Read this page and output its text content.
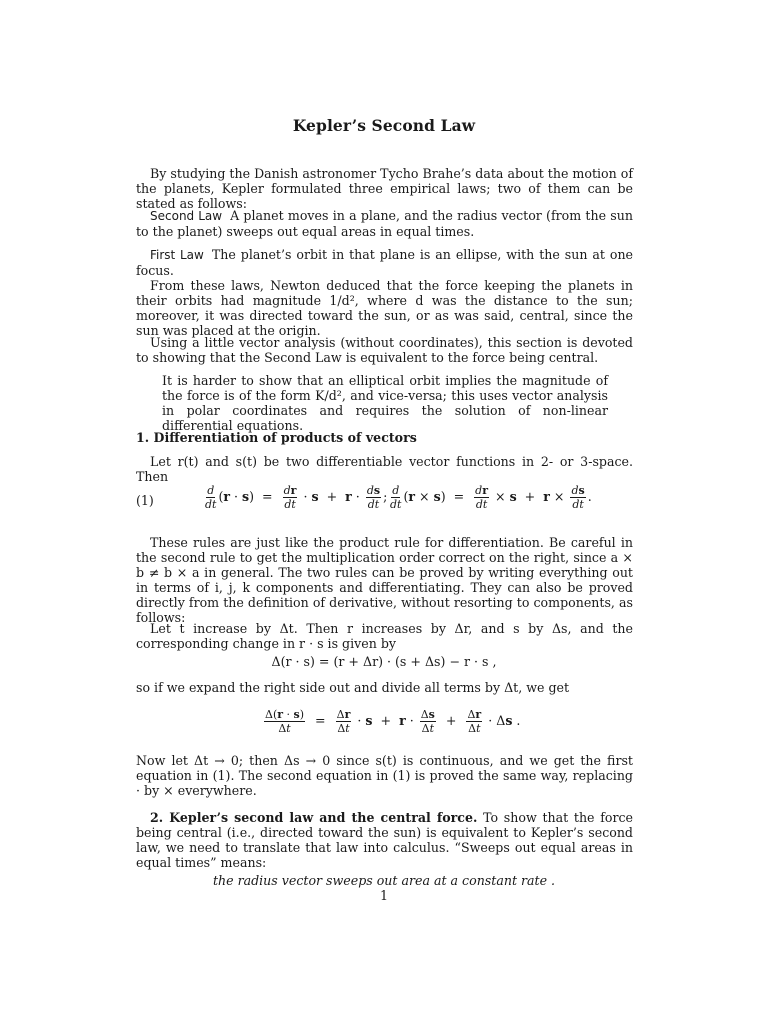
Kepler’s Second Law
By studying the Danish astronomer Tycho Brahe’s data about the motion of the planets, Kepler formulated three empirical laws; two of them can be stated as follows:
Second Law A planet moves in a plane, and the radius vector (from the sun to the planet) sweeps out equal areas in equal times.
First Law The planet’s orbit in that plane is an ellipse, with the sun at one focus.
From these laws, Newton deduced that the force keeping the planets in their orbits had magnitude 1/d², where d was the distance to the sun; moreover, it was directed toward the sun, or as was said, central, since the sun was placed at the origin.
Using a little vector analysis (without coordinates), this section is devoted to showing that the Second Law is equivalent to the force being central.
It is harder to show that an elliptical orbit implies the magnitude of the force is of the form K/d², and vice-versa; this uses vector analysis in polar coordinates and requires the solution of non-linear differential equations.
1. Differentiation of products of vectors
Let r(t) and s(t) be two differentiable vector functions in 2- or 3-space. Then
(1)	$\frac{d}{dt} (r \cdot s) = \frac{dr}{dt} \cdot s + r \cdot \frac{ds}{dt}$ ; $\frac{d}{dt} (r \times s) = \frac{dr}{dt} \times s + r \times \frac{ds}{dt}$ .
These rules are just like the product rule for differentiation. Be careful in the second rule to get the multiplication order correct on the right, since a × b ≠ b × a in general. The two rules can be proved by writing everything out in terms of i, j, k components and differentiating. They can also be proved directly from the definition of derivative, without resorting to components, as follows:
Let t increase by Δt. Then r increases by Δr, and s by Δs, and the corresponding change in r · s is given by
Δ(r · s) = (r + Δr) · (s + Δs) − r · s ,
so if we expand the right side out and divide all terms by Δt, we get
$\frac{\Delta(r \cdot s)}{\Delta t} = \frac{\Delta r}{\Delta t} \cdot s + r \cdot \frac{\Delta s}{\Delta t} + \frac{\Delta r}{\Delta t} \cdot \Delta s$ .
Now let Δt → 0; then Δs → 0 since s(t) is continuous, and we get the first equation in (1). The second equation in (1) is proved the same way, replacing · by × everywhere.
2. Kepler’s second law and the central force. To show that the force being central (i.e., directed toward the sun) is equivalent to Kepler’s second law, we need to translate that law into calculus. “Sweeps out equal areas in equal times” means:
the radius vector sweeps out area at a constant rate .
1
